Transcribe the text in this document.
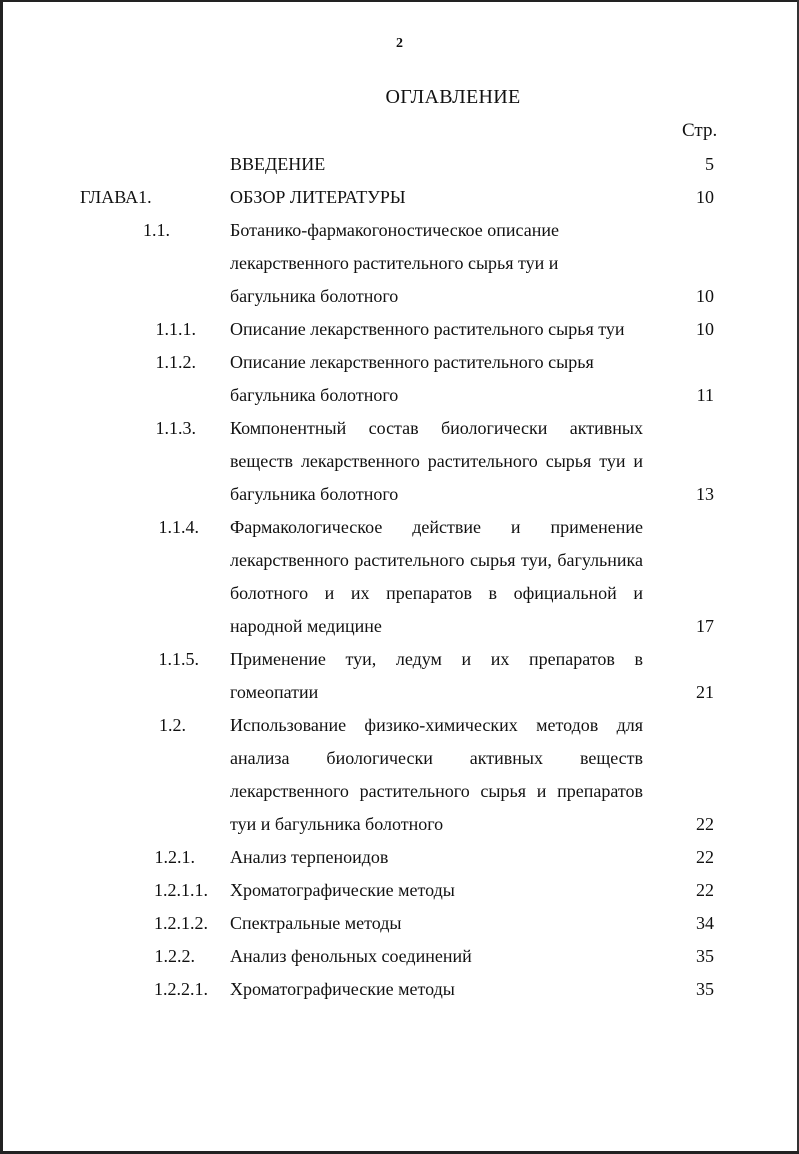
2
ОГЛАВЛЕНИЕ
Стр.
ВВЕДЕНИЕ	5
ГЛАВА1.	ОБЗОР ЛИТЕРАТУРЫ	10
1.1.	Ботанико-фармакогоностическое описание лекарственного растительного сырья туи и багульника болотного	10
1.1.1. Описание лекарственного растительного сырья туи	10
1.1.2. Описание лекарственного растительного сырья багульника болотного	11
1.1.3. Компонентный состав биологически активных веществ лекарственного растительного сырья туи и багульника болотного	13
1.1.4. Фармакологическое действие и применение лекарственного растительного сырья туи, багульника болотного и их препаратов в официальной и народной медицине	17
1.1.5. Применение туи, ледум и их препаратов в гомеопатии	21
1.2. Использование физико-химических методов для анализа биологически активных веществ лекарственного растительного сырья и препаратов туи и багульника болотного	22
1.2.1. Анализ терпеноидов	22
1.2.1.1. Хроматографические методы	22
1.2.1.2. Спектральные методы	34
1.2.2. Анализ фенольных соединений	35
1.2.2.1. Хроматографические методы	35
